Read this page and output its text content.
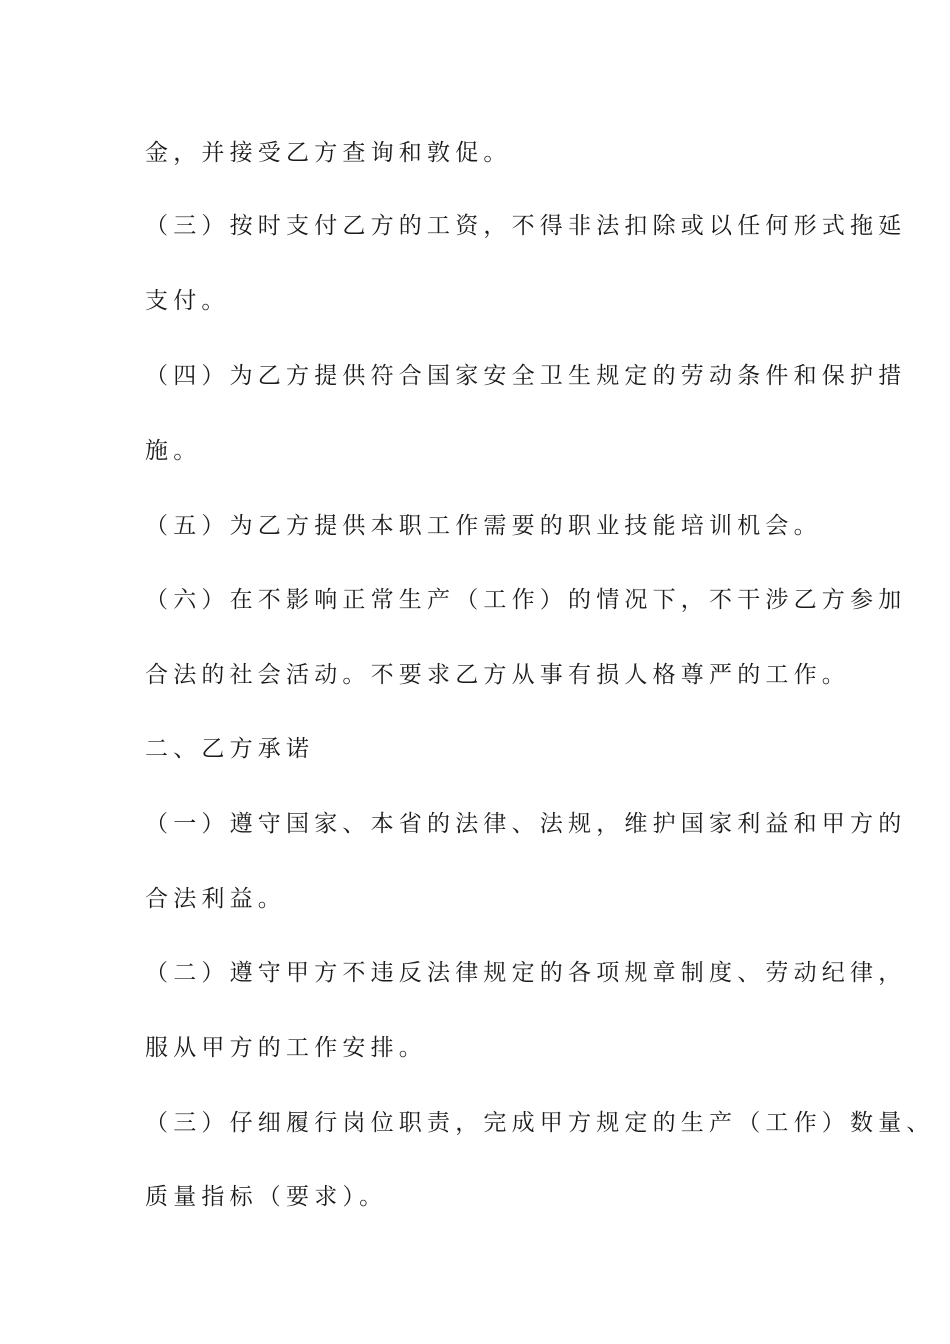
金，并接受乙方查询和敦促。
（三）按时支付乙方的工资，不得非法扣除或以任何形式拖延
支付。
（四）为乙方提供符合国家安全卫生规定的劳动条件和保护措
施。
（五）为乙方提供本职工作需要的职业技能培训机会。
（六）在不影响正常生产（工作）的情况下，不干涉乙方参加
合法的社会活动。不要求乙方从事有损人格尊严的工作。
二、乙方承诺
（一）遵守国家、本省的法律、法规，维护国家利益和甲方的
合法利益。
（二）遵守甲方不违反法律规定的各项规章制度、劳动纪律，
服从甲方的工作安排。
（三）仔细履行岗位职责，完成甲方规定的生产（工作）数量、
质量指标（要求）。
